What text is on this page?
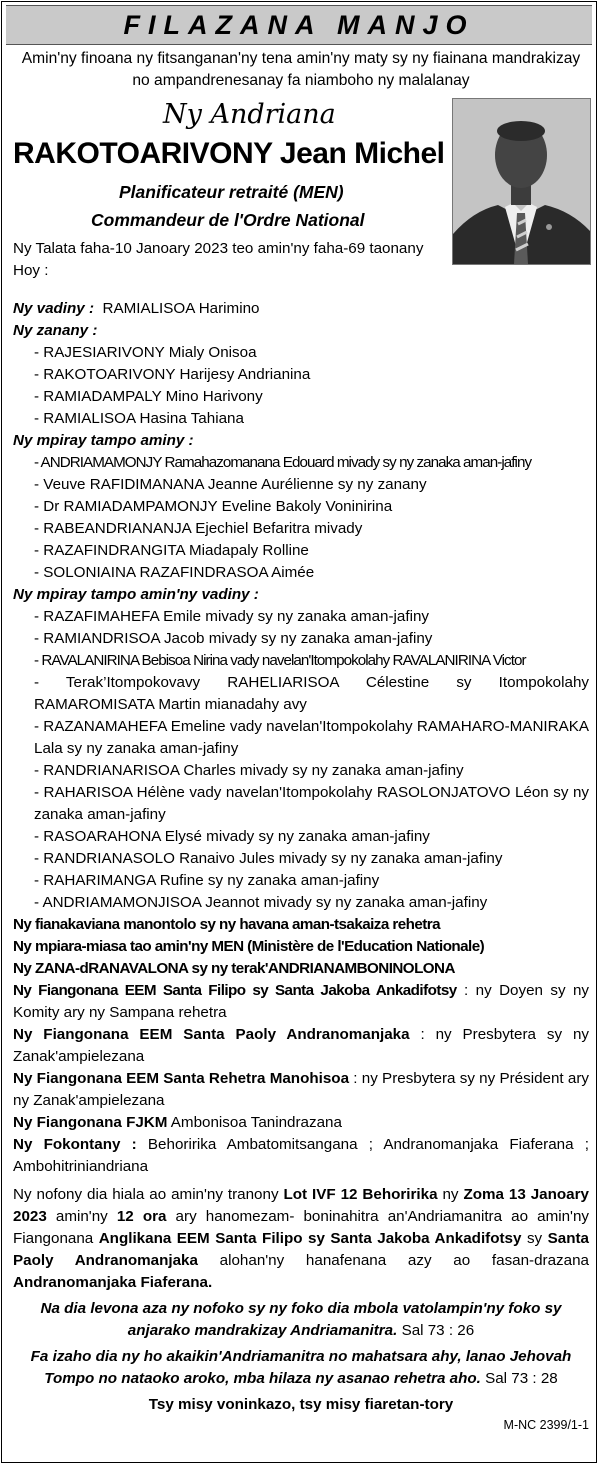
FILAZANA MANJO
Amin'ny finoana ny fitsanganan'ny tena amin'ny maty sy ny fiainana mandrakizay no ampandrenesanay fa niamboho ny malalanay
Ny Andriana
RAKOTOARIVONY Jean Michel
Planificateur retraité (MEN)
Commandeur de l'Ordre National
Ny Talata faha-10 Janoary 2023 teo amin'ny faha-69 taonany
Hoy :
Ny vadiny : RAMIALISOA Harimino
Ny zanany :
- RAJESIARIVONY Mialy Onisoa
- RAKOTOARIVONY Harijesy Andrianina
- RAMIADAMPALY Mino Harivony
- RAMIALISOA Hasina Tahiana
Ny mpiray tampo aminy :
- ANDRIAMAMONJY Ramahazomanana Edouard mivady sy ny zanaka aman-jafiny
- Veuve RAFIDIMANANA Jeanne Aurélienne sy ny zanany
- Dr RAMIADAMPAMONJY Eveline Bakoly Voninirina
- RABEANDRIANANJA Ejechiel Befaritra mivady
- RAZAFINDRANGITA Miadapaly Rolline
- SOLONIAINA RAZAFINDRASOA Aimée
Ny mpiray tampo amin'ny vadiny :
- RAZAFIMAHEFA Emile mivady sy ny zanaka aman-jafiny
- RAMIANDRISOA Jacob mivady sy ny zanaka aman-jafiny
- RAVALANIRINA Bebisoa Nirina vady navelan'Itompokolahy RAVALANIRINA Victor
- Terak’Itompokovavy RAHELIARISOA Célestine sy Itompokolahy RAMAROMISATA Martin mianadahy avy
- RAZANAMAHEFA Emeline vady navelan'Itompokolahy RAMAHARO-MANIRAKA Lala sy ny zanaka aman-jafiny
- RANDRIANARISOA Charles mivady sy ny zanaka aman-jafiny
- RAHARISOA Hélène vady navelan'Itompokolahy RASOLONJATOVO Léon sy ny zanaka aman-jafiny
- RASOARAHONA Elysé mivady sy ny zanaka aman-jafiny
- RANDRIANASOLO Ranaivo Jules mivady sy ny zanaka aman-jafiny
- RAHARIMANGA Rufine sy ny zanaka aman-jafiny
- ANDRIAMAMONJISOA Jeannot mivady sy ny zanaka aman-jafiny
Ny fianakaviana manontolo sy ny havana aman-tsakaiza rehetra
Ny mpiara-miasa tao amin'ny MEN (Ministère de l'Education Nationale)
Ny ZANA-dRANAVALONA sy ny terak'ANDRIANAMBONINOLONA
Ny Fiangonana EEM Santa Filipo sy Santa Jakoba Ankadifotsy : ny Doyen sy ny Komity ary ny Sampana rehetra
Ny Fiangonana EEM Santa Paoly Andranomanjaka : ny Presbytera sy ny Zanak'ampielezana
Ny Fiangonana EEM Santa Rehetra Manohisoa : ny Presbytera sy ny Président ary ny Zanak'ampielezana
Ny Fiangonana FJKM Ambonisoa Tanindrazana
Ny Fokontany : Behoririka Ambatomitsangana ; Andranomanjaka Fiaferana ; Ambohitriniandriana
Ny nofony dia hiala ao amin'ny tranony Lot IVF 12 Behoririka ny Zoma 13 Janoary 2023 amin'ny 12 ora ary hanomezam- boninahitra an'Andriamanitra ao amin'ny Fiangonana Anglikana EEM Santa Filipo sy Santa Jakoba Ankadifotsy sy Santa Paoly Andranomanjaka alohan'ny hanafenana azy ao fasan-drazana Andranomanjaka Fiaferana.
Na dia levona aza ny nofoko sy ny foko dia mbola vatolampin'ny foko sy anjarako mandrakizay Andriamanitra. Sal 73 : 26
Fa izaho dia ny ho akaikin'Andriamanitra no mahatsara ahy, lanao Jehovah Tompo no nataoko aroko, mba hilaza ny asanao rehetra aho. Sal 73 : 28
Tsy misy voninkazo, tsy misy fiaretan-tory
M-NC 2399/1-1
